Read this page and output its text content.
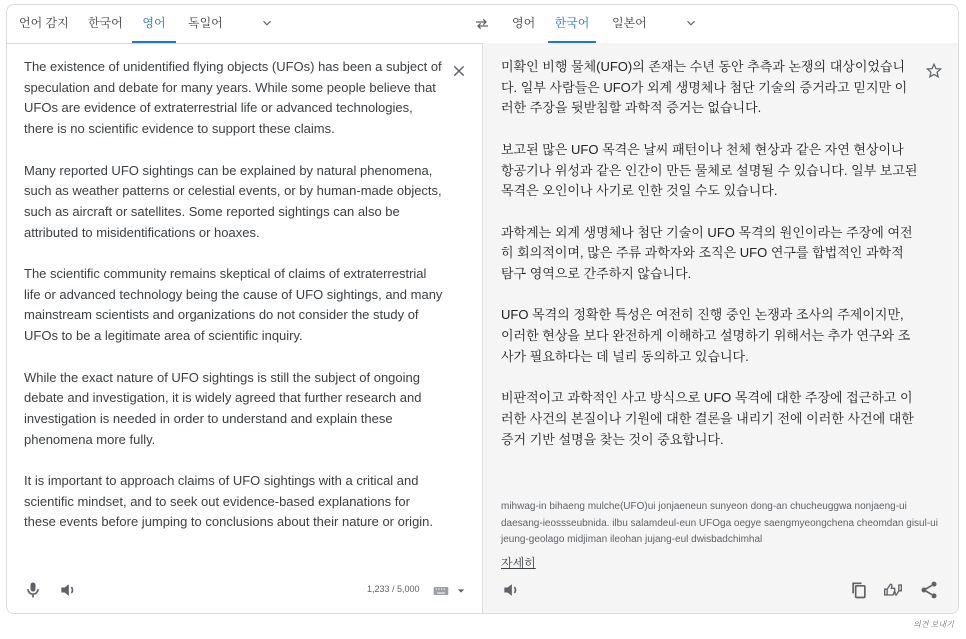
언어 감지 한국어	영어	독일어	영어	한국어	일본어

The existence of unidentified flying objects (UFOs) has been a subject of speculation and debate for many years. While some people believe that UFOs are evidence of extraterrestrial life or advanced technologies, there is no scientific evidence to support these claims.

Many reported UFO sightings can be explained by natural phenomena, such as weather patterns or celestial events, or by human-made objects, such as aircraft or satellites. Some reported sightings can also be attributed to misidentifications or hoaxes.

The scientific community remains skeptical of claims of extraterrestrial life or advanced technology being the cause of UFO sightings, and many mainstream scientists and organizations do not consider the study of UFOs to be a legitimate area of scientific inquiry.

While the exact nature of UFO sightings is still the subject of ongoing debate and investigation, it is widely agreed that further research and investigation is needed in order to understand and explain these phenomena more fully.

It is important to approach claims of UFO sightings with a critical and scientific mindset, and to seek out evidence-based explanations for these events before jumping to conclusions about their nature or origin.

미확인 비행 물체(UFO)의 존재는 수년 동안 추측과 논쟁의 대상이었습니다. 일부 사람들은 UFO가 외계 생명체나 첨단 기술의 증거라고 믿지만 이러한 주장을 뒷받침할 과학적 증거는 없습니다.

보고된 많은 UFO 목격은 날씨 패턴이나 천체 현상과 같은 자연 현상이나 항공기나 위성과 같은 인간이 만든 물체로 설명될 수 있습니다. 일부 보고된 목격은 오인이나 사기로 인한 것일 수도 있습니다.

과학계는 외계 생명체나 첨단 기술이 UFO 목격의 원인이라는 주장에 여전히 회의적이며, 많은 주류 과학자와 조직은 UFO 연구를 합법적인 과학적 탐구 영역으로 간주하지 않습니다.

UFO 목격의 정확한 특성은 여전히 진행 중인 논쟁과 조사의 주제이지만, 이러한 현상을 보다 완전하게 이해하고 설명하기 위해서는 추가 연구와 조사가 필요하다는 데 널리 동의하고 있습니다.

비판적이고 과학적인 사고 방식으로 UFO 목격에 대한 주장에 접근하고 이러한 사건의 본질이나 기원에 대한 결론을 내리기 전에 이러한 사건에 대한 증거 기반 설명을 찾는 것이 중요합니다.

mihwag-in bihaeng mulche(UFO)ui jonjaeneun sunyeon dong-an chucheuggwa nonjaeng-ui daesang-ieossseubnida. ilbu salamdeul-eun UFOga oegye saengmyeongchena cheomdan gisul-ui jeung-geolago midjiman ileohan jujang-eul dwisbadchimhal
자세히
1,233 / 5,000
의견 보내기
